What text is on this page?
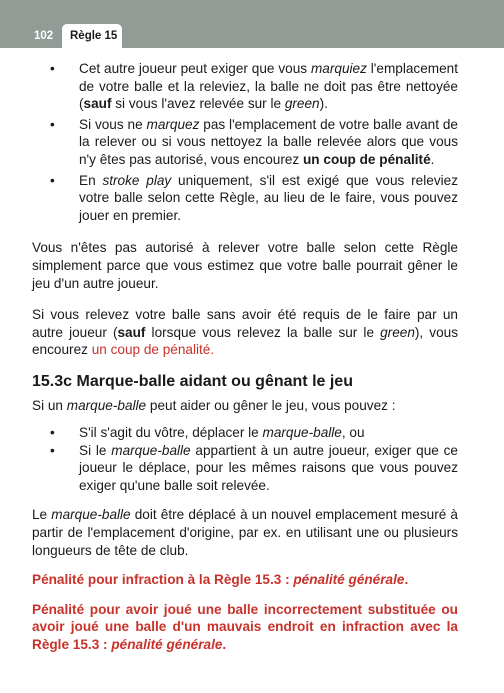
102 Règle 15
• Cet autre joueur peut exiger que vous marquiez l'emplacement de votre balle et la releviez, la balle ne doit pas être nettoyée (sauf si vous l'avez relevée sur le green).
• Si vous ne marquez pas l'emplacement de votre balle avant de la relever ou si vous nettoyez la balle relevée alors que vous n'y êtes pas autorisé, vous encourez un coup de pénalité.
• En stroke play uniquement, s'il est exigé que vous releviez votre balle selon cette Règle, au lieu de le faire, vous pouvez jouer en premier.

Vous n'êtes pas autorisé à relever votre balle selon cette Règle simplement parce que vous estimez que votre balle pourrait gêner le jeu d'un autre joueur.

Si vous relevez votre balle sans avoir été requis de le faire par un autre joueur (sauf lorsque vous relevez la balle sur le green), vous encourez un coup de pénalité.

15.3c Marque-balle aidant ou gênant le jeu

Si un marque-balle peut aider ou gêner le jeu, vous pouvez :

• S'il s'agit du vôtre, déplacer le marque-balle, ou
• Si le marque-balle appartient à un autre joueur, exiger que ce joueur le déplace, pour les mêmes raisons que vous pouvez exiger qu'une balle soit relevée.

Le marque-balle doit être déplacé à un nouvel emplacement mesuré à partir de l'emplacement d'origine, par ex. en utilisant une ou plusieurs longueurs de tête de club.

Pénalité pour infraction à la Règle 15.3 : pénalité générale.

Pénalité pour avoir joué une balle incorrectement substituée ou avoir joué une balle d'un mauvais endroit en infraction avec la Règle 15.3 : pénalité générale.
